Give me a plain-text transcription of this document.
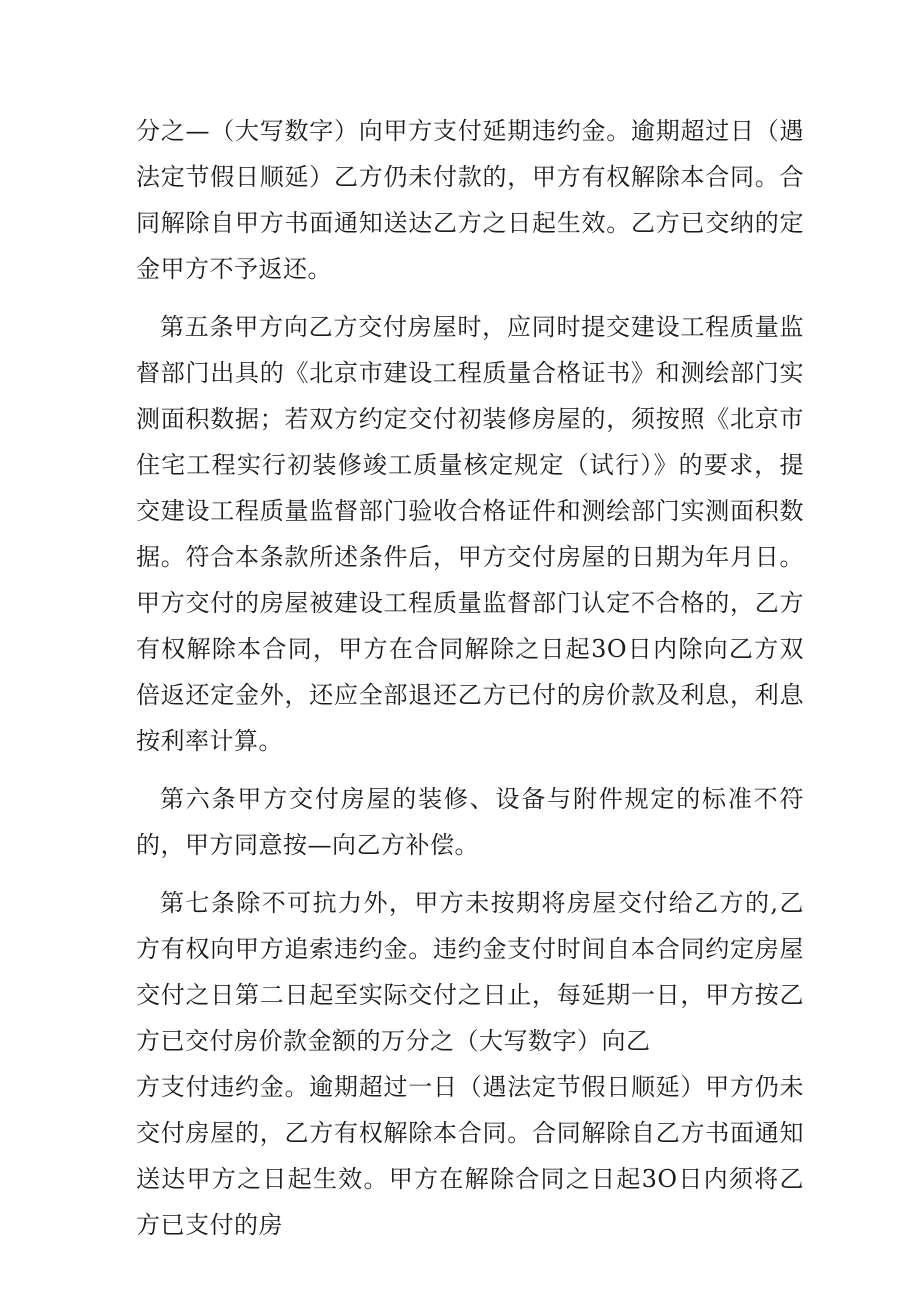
分之—（大写数字）向甲方支付延期违约金。逾期超过日（遇法定节假日顺延）乙方仍未付款的，甲方有权解除本合同。合同解除自甲方书面通知送达乙方之日起生效。乙方已交纳的定金甲方不予返还。

第五条甲方向乙方交付房屋时，应同时提交建设工程质量监督部门出具的《北京市建设工程质量合格证书》和测绘部门实测面积数据；若双方约定交付初装修房屋的，须按照《北京市住宅工程实行初装修竣工质量核定规定（试行）》的要求，提交建设工程质量监督部门验收合格证件和测绘部门实测面积数据。符合本条款所述条件后，甲方交付房屋的日期为年月日。甲方交付的房屋被建设工程质量监督部门认定不合格的，乙方有权解除本合同，甲方在合同解除之日起3O日内除向乙方双倍返还定金外，还应全部退还乙方已付的房价款及利息，利息按利率计算。

第六条甲方交付房屋的装修、设备与附件规定的标准不符的，甲方同意按—向乙方补偿。

第七条除不可抗力外，甲方未按期将房屋交付给乙方的,乙方有权向甲方追索违约金。违约金支付时间自本合同约定房屋交付之日第二日起至实际交付之日止，每延期一日，甲方按乙方已交付房价款金额的万分之（大写数字）向乙

方支付违约金。逾期超过一日（遇法定节假日顺延）甲方仍未交付房屋的，乙方有权解除本合同。合同解除自乙方书面通知送达甲方之日起生效。甲方在解除合同之日起3O日内须将乙方已支付的房
